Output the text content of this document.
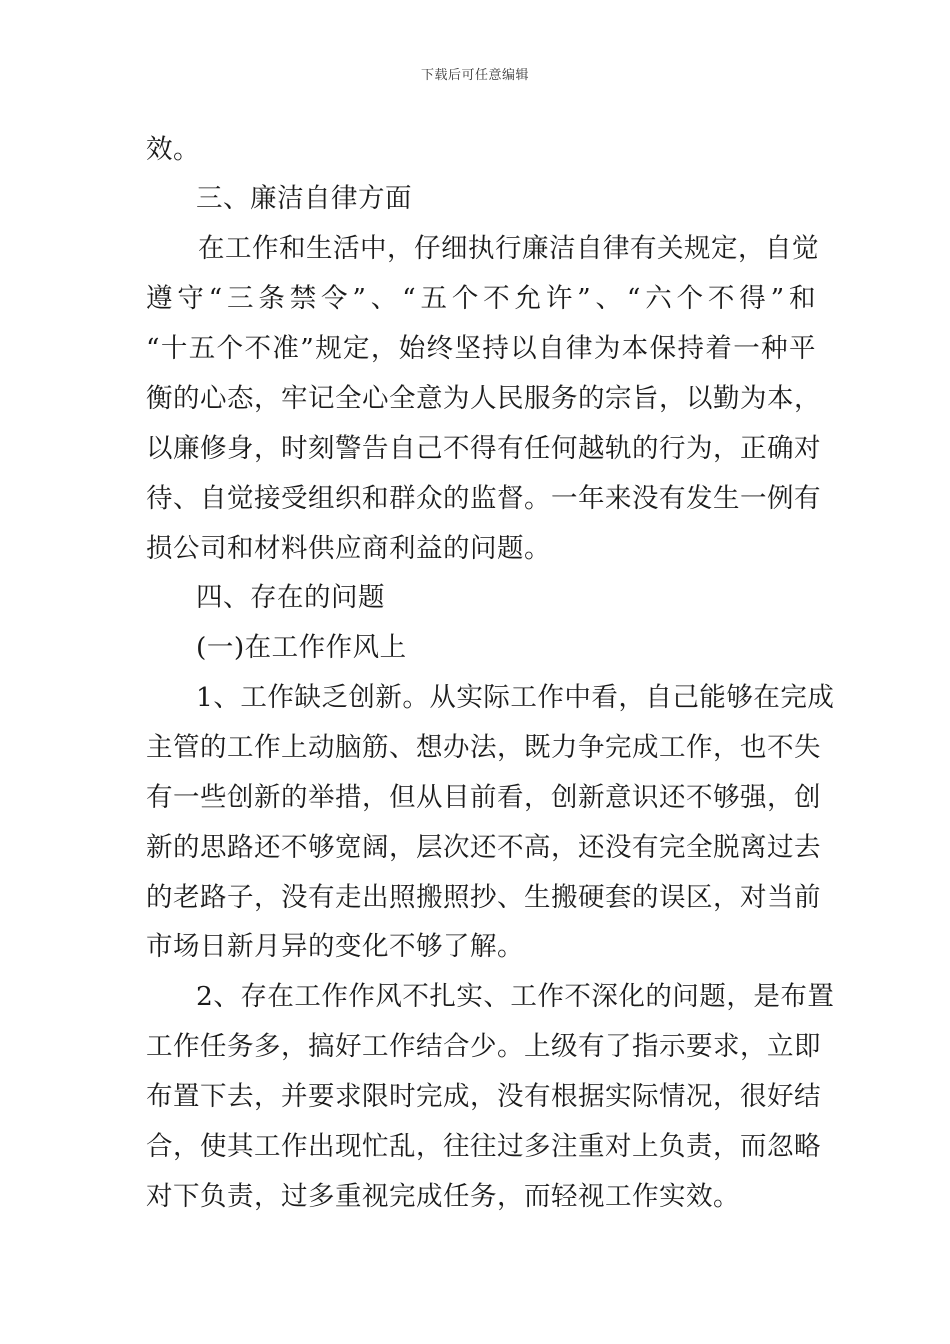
下载后可任意编辑
效。
三、廉洁自律方面
在工作和生活中，仔细执行廉洁自律有关规定，自觉
遵守“三条禁令”、“五个不允许”、“六个不得”和
“十五个不准”规定，始终坚持以自律为本保持着一种平
衡的心态，牢记全心全意为人民服务的宗旨，以勤为本，
以廉修身，时刻警告自己不得有任何越轨的行为，正确对
待、自觉接受组织和群众的监督。一年来没有发生一例有
损公司和材料供应商利益的问题。
四、存在的问题
(一)在工作作风上
1、工作缺乏创新。从实际工作中看，自己能够在完成
主管的工作上动脑筋、想办法，既力争完成工作，也不失
有一些创新的举措，但从目前看，创新意识还不够强，创
新的思路还不够宽阔，层次还不高，还没有完全脱离过去
的老路子，没有走出照搬照抄、生搬硬套的误区，对当前
市场日新月异的变化不够了解。
2、存在工作作风不扎实、工作不深化的问题，是布置
工作任务多，搞好工作结合少。上级有了指示要求，立即
布置下去，并要求限时完成，没有根据实际情况，很好结
合，使其工作出现忙乱，往往过多注重对上负责，而忽略
对下负责，过多重视完成任务，而轻视工作实效。
